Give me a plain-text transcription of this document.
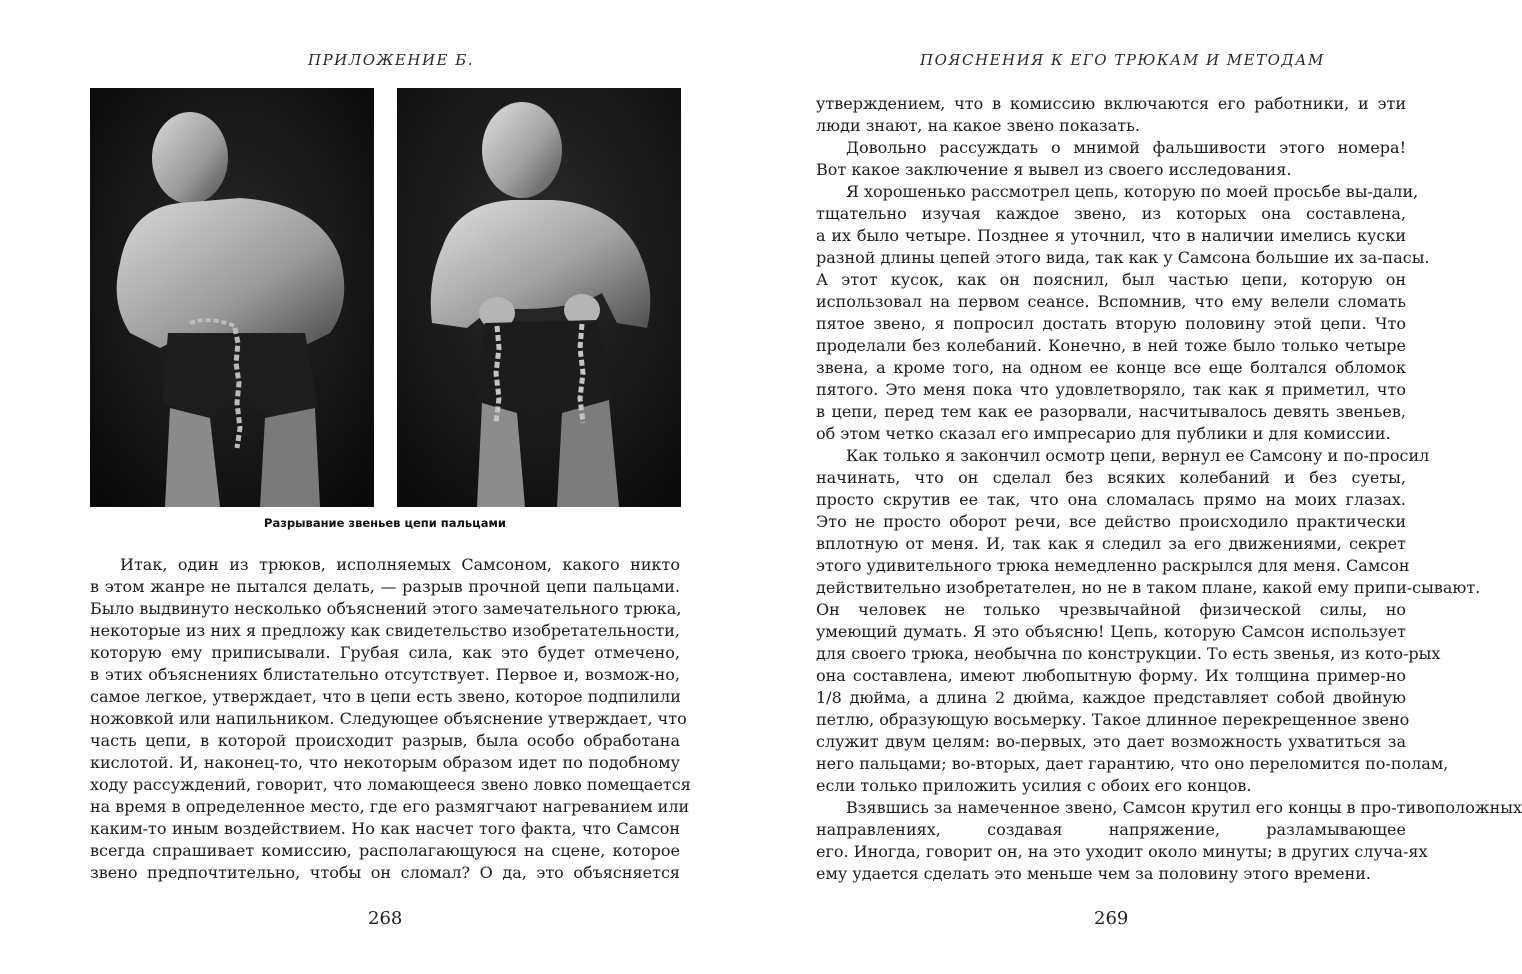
ПРИЛОЖЕНИЕ Б.
Разрывание звеньев цепи пальцами
Итак, один из трюков, исполняемых Самсоном, какого никто
в этом жанре не пытался делать, — разрыв прочной цепи пальцами.
Было выдвинуто несколько объяснений этого замечательного трюка,
некоторые из них я предложу как свидетельство изобретательности,
которую ему приписывали. Грубая сила, как это будет отмечено,
в этих объяснениях блистательно отсутствует. Первое и, возмож-но,
самое легкое, утверждает, что в цепи есть звено, которое подпилили
ножовкой или напильником. Следующее объяснение утверждает, что
часть цепи, в которой происходит разрыв, была особо обработана
кислотой. И, наконец-то, что некоторым образом идет по подобному
ходу рассуждений, говорит, что ломающееся звено ловко помещается
на время в определенное место, где его размягчают нагреванием или
каким-то иным воздействием. Но как насчет того факта, что Самсон
всегда спрашивает комиссию, располагающуюся на сцене, которое
звено предпочтительно, чтобы он сломал? О да, это объясняется
268
ПОЯСНЕНИЯ К ЕГО ТРЮКАМ И МЕТОДАМ
утверждением, что в комиссию включаются его работники, и эти
люди знают, на какое звено показать.
Довольно рассуждать о мнимой фальшивости этого номера!
Вот какое заключение я вывел из своего исследования.
Я хорошенько рассмотрел цепь, которую по моей просьбе вы-дали,
тщательно изучая каждое звено, из которых она составлена,
а их было четыре. Позднее я уточнил, что в наличии имелись куски
разной длины цепей этого вида, так как у Самсона большие их за-пасы.
А этот кусок, как он пояснил, был частью цепи, которую он
использовал на первом сеансе. Вспомнив, что ему велели сломать
пятое звено, я попросил достать вторую половину этой цепи. Что
проделали без колебаний. Конечно, в ней тоже было только четыре
звена, а кроме того, на одном ее конце все еще болтался обломок
пятого. Это меня пока что удовлетворяло, так как я приметил, что
в цепи, перед тем как ее разорвали, насчитывалось девять звеньев,
об этом четко сказал его импресарио для публики и для комиссии.
Как только я закончил осмотр цепи, вернул ее Самсону и по-просил
начинать, что он сделал без всяких колебаний и без суеты,
просто скрутив ее так, что она сломалась прямо на моих глазах.
Это не просто оборот речи, все действо происходило практически
вплотную от меня. И, так как я следил за его движениями, секрет
этого удивительного трюка немедленно раскрылся для меня. Самсон
действительно изобретателен, но не в таком плане, какой ему припи-сывают.
Он человек не только чрезвычайной физической силы, но
умеющий думать. Я это объясню! Цепь, которую Самсон использует
для своего трюка, необычна по конструкции. То есть звенья, из кото-рых
она составлена, имеют любопытную форму. Их толщина пример-но
1/8 дюйма, а длина 2 дюйма, каждое представляет собой двойную
петлю, образующую восьмерку. Такое длинное перекрещенное звено
служит двум целям: во-первых, это дает возможность ухватиться за
него пальцами; во-вторых, дает гарантию, что оно переломится по-полам,
если только приложить усилия с обоих его концов.
Взявшись за намеченное звено, Самсон крутил его концы в про-тивоположных
направлениях, создавая напряжение, разламывающее
его. Иногда, говорит он, на это уходит около минуты; в других случа-ях
ему удается сделать это меньше чем за половину этого времени.
269
